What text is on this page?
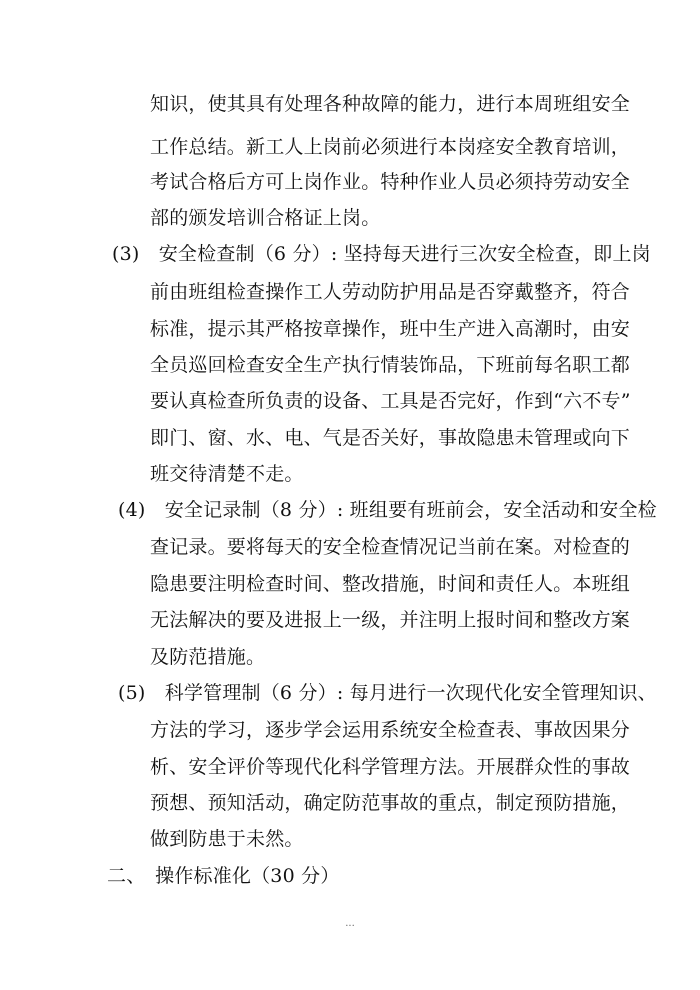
知识，使其具有处理各种故障的能力，进行本周班组安全
工作总结。新工人上岗前必须进行本岗痉安全教育培训，
考试合格后方可上岗作业。特种作业人员必须持劳动安全
部的颁发培训合格证上岗。
(3)　安全检查制（6 分）: 坚持每天进行三次安全检查，即上岗
前由班组检查操作工人劳动防护用品是否穿戴整齐，符合
标准，提示其严格按章操作，班中生产进入高潮时，由安
全员巡回检查安全生产执行情装饰品，下班前每名职工都
要认真检查所负责的设备、工具是否完好，作到“六不专”
即门、窗、水、电、气是否关好，事故隐患未管理或向下
班交待清楚不走。
(4)　安全记录制（8 分）: 班组要有班前会，安全活动和安全检
查记录。要将每天的安全检查情况记当前在案。对检查的
隐患要注明检查时间、整改措施，时间和责任人。本班组
无法解决的要及进报上一级，并注明上报时间和整改方案
及防范措施。
(5)　科学管理制（6 分）: 每月进行一次现代化安全管理知识、
方法的学习，逐步学会运用系统安全检查表、事故因果分
析、安全评价等现代化科学管理方法。开展群众性的事故
预想、预知活动，确定防范事故的重点，制定预防措施，
做到防患于未然。
二、　操作标准化（30 分）
...
